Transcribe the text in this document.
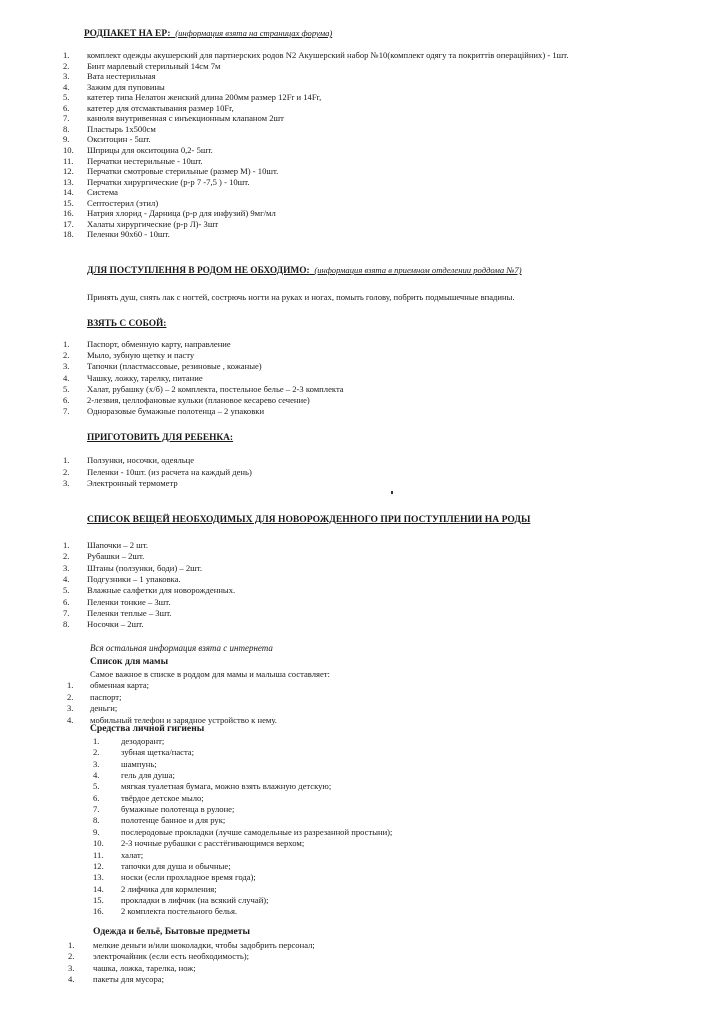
РОДПАКЕТ НА ЕР: (информация взята на страницах форума)
1. комплект одежды акушерский для партнерских родов N2 Акушерский набор №10(комплект одягу та покриттів операційних) - 1шт.
2. Бинт марлевый стерильный 14см 7м
3. Вата нестерильная
4. Зажим для пуповины
5. катетер типа Нелатон женский длина 200мм размер 12Fr и 14Fr,
6. катетер для отсмактывания размер 10Fr,
7. канюля внутривенная с инъекционным клапаном 2шт
8. Пластырь 1х500см
9. Окситоцин - 5шт.
10. Шприцы для окситоцина 0,2- 5шт.
11. Перчатки нестерильные - 10шт.
12. Перчатки смотровые стерильные (размер М) - 10шт.
13. Перчатки хирургические (р-р 7 -7,5 ) - 10шт.
14. Система
15. Септостерил (этил)
16. Натрия хлорид - Дарница (р-р для инфузий) 9мг/мл
17. Халаты хирургические (р-р Л)- 3шт
18. Пеленки 90х60 - 10шт.
ДЛЯ ПОСТУПЛЕННЯ В РОДОМ НЕ ОБХОДИМО: (информация взята в приемном отделении роддома №7)
Принять душ, снять лак с ногтей, сострючь ногти на руках и ногах, помыть голову, побрить подмышечные впадины.
ВЗЯТЬ С СОБОЙ:
1. Паспорт, обменную карту, направление
2. Мыло, зубную щетку и пасту
3. Тапочки (пластмассовые, резиновые , кожаные)
4. Чашку, ложку, тарелку, питание
5. Халат, рубашку (х/б) – 2 комплекта, постельное белье – 2-3 комплекта
6. 2-лезвия, целлофановые кульки (плановое кесарево сечение)
7. Одноразовые бумажные полотенца – 2 упаковки
ПРИГОТОВИТЬ ДЛЯ РЕБЕНКА:
1. Ползунки, носочки, одеяльце
2. Пеленки - 10шт. (из расчета на каждый день)
3. Электронный термометр
СПИСОК ВЕЩЕЙ НЕОБХОДИМЫХ ДЛЯ НОВОРОЖДЕННОГО ПРИ ПОСТУПЛЕНИИ НА РОДЫ
1. Шапочки – 2 шт.
2. Рубашки – 2шт.
3. Штаны (ползунки, боди) – 2шт.
4. Подгузники – 1 упаковка.
5. Влажные салфетки для новорожденных.
6. Пеленки тонкие – 3шт.
7. Пеленки теплые – 3шт.
8. Носочки – 2шт.
Вся остальная информация взята с интернета
Список для мамы
Самое важное в списке в роддом для мамы и малыша составляет:
1. обменная карта;
2. паспорт;
3. деньги;
4. мобильный телефон и зарядное устройство к нему.
Средства личной гигиены
1.	дезодорант;
2.	зубная щетка/паста;
3.	шампунь;
4.	гель для душа;
5.	мягкая туалетная бумага, можно взять влажную детскую;
6.	твёрдое детское мыло;
7.	бумажные полотенца в рулоне;
8.	полотенце банное и для рук;
9.	послеродовые прокладки (лучше самодельные из разрезанной простыни);
10. 2-3 ночные рубашки с расстёгивающимся верхом;
11. халат;
12. тапочки для душа и обычные;
13. носки (если прохладное время года);
14. 2 лифчика для кормления;
15. прокладки в лифчик (на всякий случай);
16. 2 комплекта постельного белья.
Одежда и бельё, Бытовые предметы
1. мелкие деньги и/или шоколадки, чтобы задобрить персонал;
2. электрочайник (если есть необходимость);
3. чашка, ложка, тарелка, нож;
4. пакеты для мусора;
